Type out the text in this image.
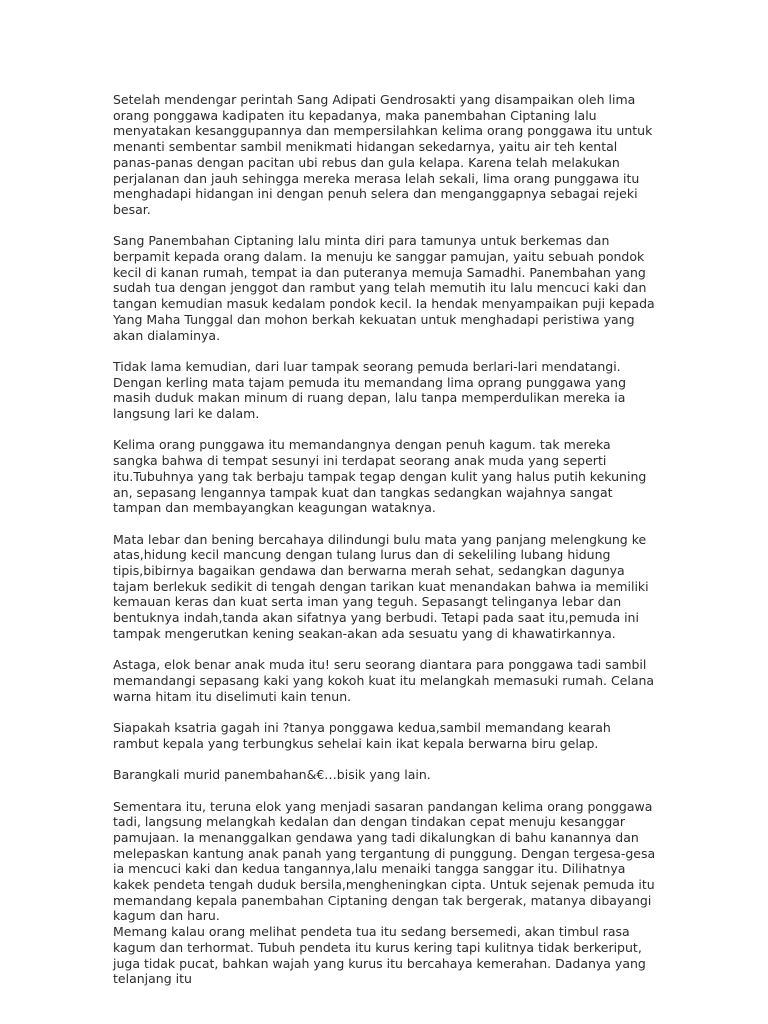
Setelah mendengar perintah Sang Adipati Gendrosakti yang disampaikan oleh lima orang ponggawa kadipaten itu kepadanya, maka panembahan Ciptaning lalu menyatakan kesanggupannya dan mempersilahkan kelima orang ponggawa itu untuk menanti sembentar sambil menikmati hidangan sekedarnya, yaitu air teh kental panas-panas dengan pacitan ubi rebus dan gula kelapa. Karena telah melakukan perjalanan dan jauh sehingga mereka merasa lelah sekali, lima orang punggawa itu menghadapi hidangan ini dengan penuh selera dan menganggapnya sebagai rejeki besar.

Sang Panembahan Ciptaning lalu minta diri para tamunya untuk berkemas dan berpamit kepada orang dalam. Ia menuju ke sanggar pamujan, yaitu sebuah pondok kecil di kanan rumah, tempat ia dan puteranya memuja Samadhi. Panembahan yang sudah tua dengan jenggot dan rambut yang telah memutih itu lalu mencuci kaki dan tangan kemudian masuk kedalam pondok kecil. Ia hendak menyampaikan puji kepada Yang Maha Tunggal dan mohon berkah kekuatan untuk menghadapi peristiwa yang akan dialaminya.

Tidak lama kemudian, dari luar tampak seorang pemuda berlari-lari mendatangi. Dengan kerling mata tajam pemuda itu memandang lima oprang punggawa yang masih duduk makan minum di ruang depan, lalu tanpa memperdulikan mereka ia langsung lari ke dalam.

Kelima orang punggawa itu memandangnya dengan penuh kagum. tak mereka sangka bahwa di tempat sesunyi ini terdapat seorang anak muda yang seperti itu.Tubuhnya yang tak berbaju tampak tegap dengan kulit yang halus putih kekuning an, sepasang lengannya tampak kuat dan tangkas sedangkan wajahnya sangat tampan dan membayangkan keagungan wataknya.

Mata lebar dan bening bercahaya dilindungi bulu mata yang panjang melengkung ke atas,hidung kecil mancung dengan tulang lurus dan di sekeliling lubang hidung tipis,bibirnya bagaikan gendawa dan berwarna merah sehat, sedangkan dagunya tajam berlekuk sedikit di tengah dengan tarikan kuat menandakan bahwa ia memiliki kemauan keras dan kuat serta iman yang teguh. Sepasangt telinganya lebar dan bentuknya indah,tanda akan sifatnya yang berbudi. Tetapi pada saat itu,pemuda ini tampak mengerutkan kening seakan-akan ada sesuatu yang di khawatirkannya.

Astaga, elok benar anak muda itu! seru seorang diantara para ponggawa tadi sambil memandangi sepasang kaki yang kokoh kuat itu melangkah memasuki rumah. Celana warna hitam itu diselimuti kain tenun.

Siapakah ksatria gagah ini ?tanya ponggawa kedua,sambil memandang kearah rambut kepala yang terbungkus sehelai kain ikat kepala berwarna biru gelap.

Barangkali murid panembahan&€…bisik yang lain.

Sementara itu, teruna elok yang menjadi sasaran pandangan kelima orang ponggawa tadi, langsung melangkah kedalan dan dengan tindakan cepat menuju kesanggar pamujaan. Ia menanggalkan gendawa yang tadi dikalungkan di bahu kanannya dan melepaskan kantung anak panah yang tergantung di punggung. Dengan tergesa-gesa ia mencuci kaki dan kedua tangannya,lalu menaiki tangga sanggar itu. Dilihatnya kakek pendeta tengah duduk bersila,mengheningkan cipta. Untuk sejenak pemuda itu memandang kepala panembahan Ciptaning dengan tak bergerak, matanya dibayangi kagum dan haru.

Memang kalau orang melihat pendeta tua itu sedang bersemedi, akan timbul rasa kagum dan terhormat. Tubuh pendeta itu kurus kering tapi kulitnya tidak berkeriput, juga tidak pucat, bahkan wajah yang kurus itu bercahaya kemerahan. Dadanya yang telanjang itu
